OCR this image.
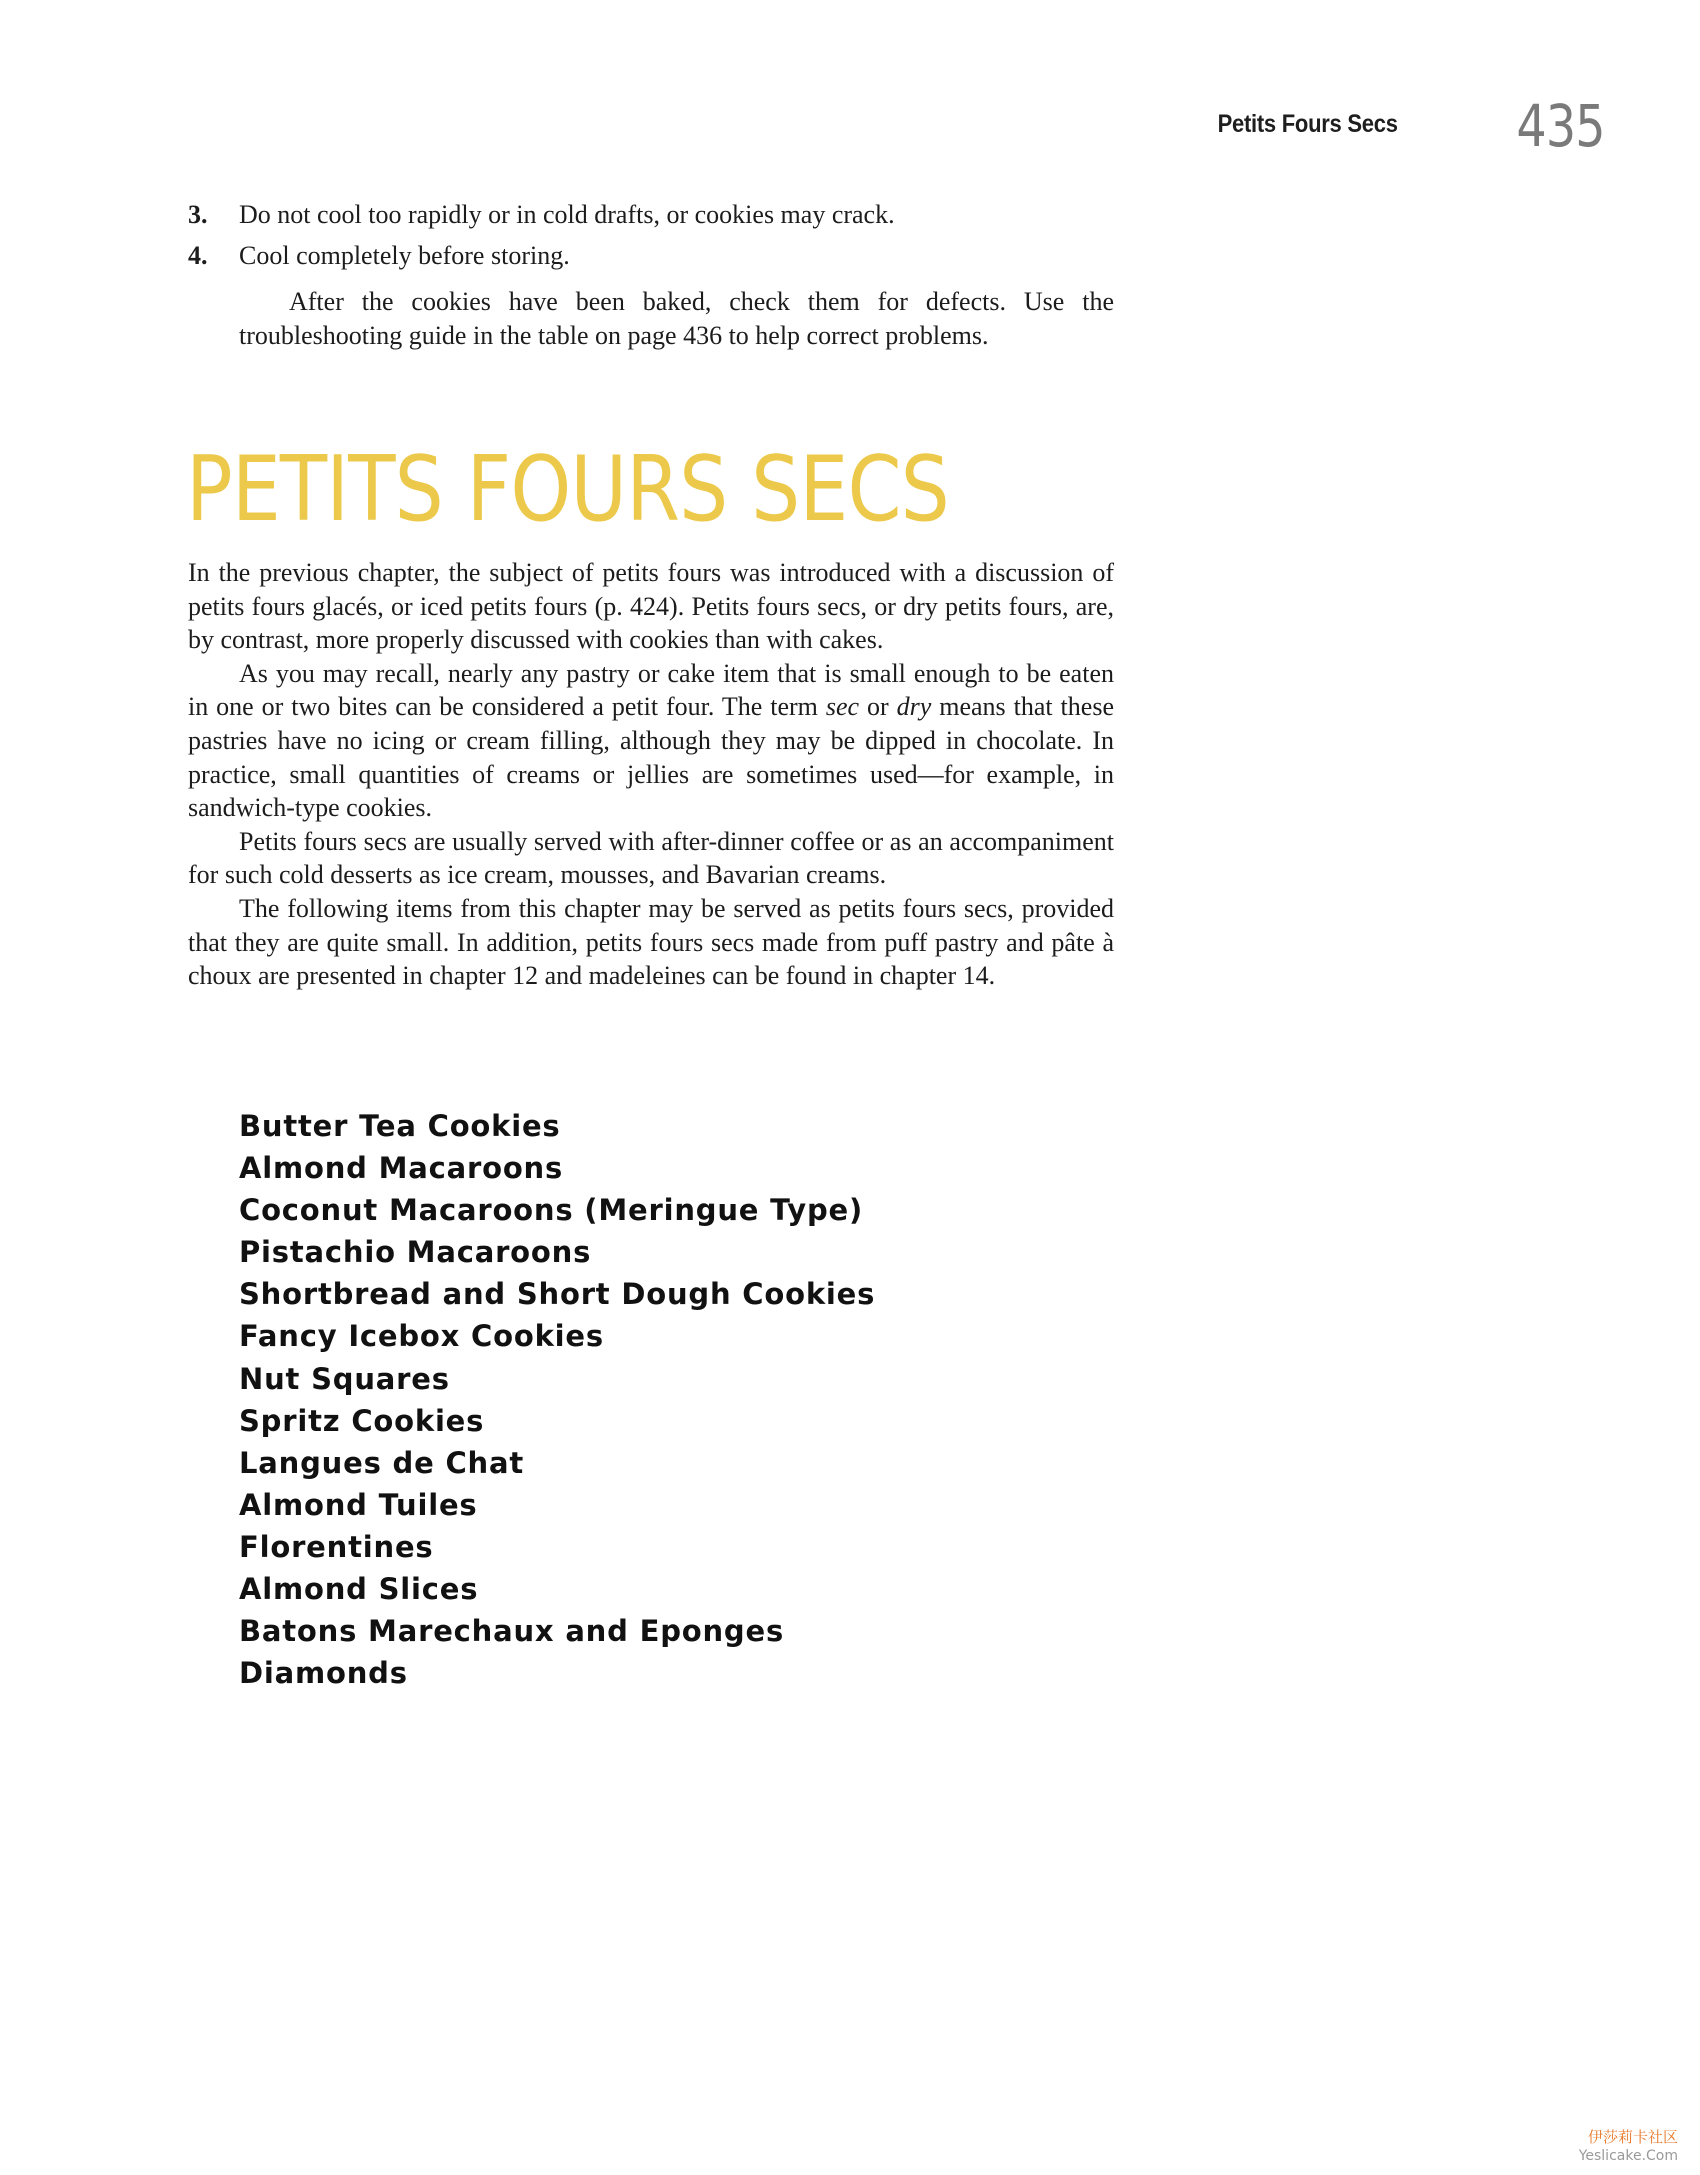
Petits Fours Secs 435
3. Do not cool too rapidly or in cold drafts, or cookies may crack.
4. Cool completely before storing.

After the cookies have been baked, check them for defects. Use the troubleshooting guide in the table on page 436 to help correct problems.

PETITS FOURS SECS

In the previous chapter, the subject of petits fours was introduced with a discussion of petits fours glacés, or iced petits fours (p. 424). Petits fours secs, or dry petits fours, are, by contrast, more properly discussed with cookies than with cakes.

As you may recall, nearly any pastry or cake item that is small enough to be eaten in one or two bites can be considered a petit four. The term sec or dry means that these pastries have no icing or cream filling, although they may be dipped in chocolate. In practice, small quantities of creams or jellies are sometimes used—for example, in sandwich-type cookies.

Petits fours secs are usually served with after-dinner coffee or as an accompaniment for such cold desserts as ice cream, mousses, and Bavarian creams.

The following items from this chapter may be served as petits fours secs, provided that they are quite small. In addition, petits fours secs made from puff pastry and pâte à choux are presented in chapter 12 and madeleines can be found in chapter 14.

Butter Tea Cookies
Almond Macaroons
Coconut Macaroons (Meringue Type)
Pistachio Macaroons
Shortbread and Short Dough Cookies
Fancy Icebox Cookies
Nut Squares
Spritz Cookies
Langues de Chat
Almond Tuiles
Florentines
Almond Slices
Batons Marechaux and Eponges
Diamonds
伊莎莉卡社区
Yeslicake.Com
